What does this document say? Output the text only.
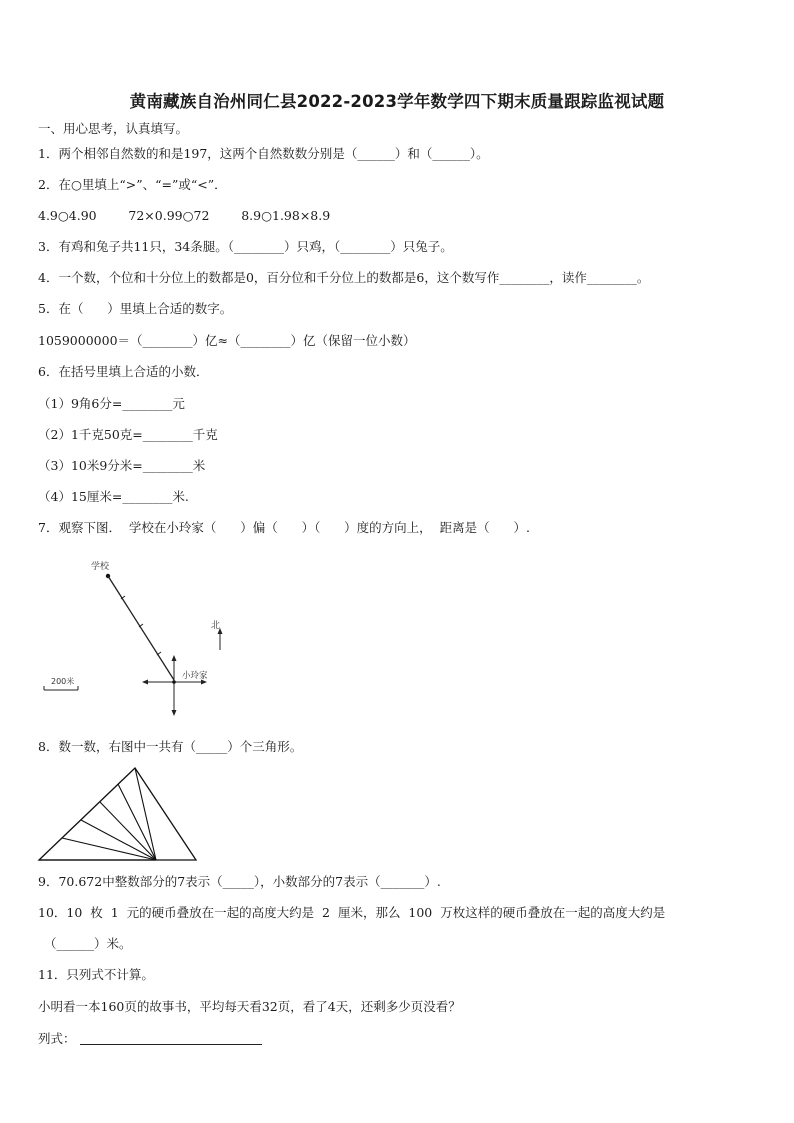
黄南藏族自治州同仁县2022-2023学年数学四下期末质量跟踪监视试题
一、用心思考，认真填写。
1．两个相邻自然数的和是197，这两个自然数数分别是（______）和（______）。
2．在○里填上“>”、“=”或“<”．
4.9○4.90        72×0.99○72        8.9○1.98×8.9
3．有鸡和兔子共11只，34条腿。（________）只鸡，（________）只兔子。
4．一个数，个位和十分位上的数都是0，百分位和千分位上的数都是6，这个数写作________，读作________。
5．在（      ）里填上合适的数字。
1059000000＝（________）亿≈（________）亿（保留一位小数）
6．在括号里填上合适的小数．
（1）9角6分=________元
（2）1千克50克=________千克
（3）10米9分米=________米
（4）15厘米=________米.
7．观察下图．  学校在小玲家（      ）偏（      ）（      ）度的方向上，  距离是（      ）.
学校
小玲家
北
200米
8．数一数，右图中一共有（_____）个三角形。
9．70.672中整数部分的7表示（_____），小数部分的7表示（_______）.
10．10  枚  1  元的硬币叠放在一起的高度大约是  2  厘米，那么  100  万枚这样的硬币叠放在一起的高度大约是
（______）米。
11．只列式不计算。
小明看一本160页的故事书，平均每天看32页，看了4天，还剩多少页没看？
列式：
